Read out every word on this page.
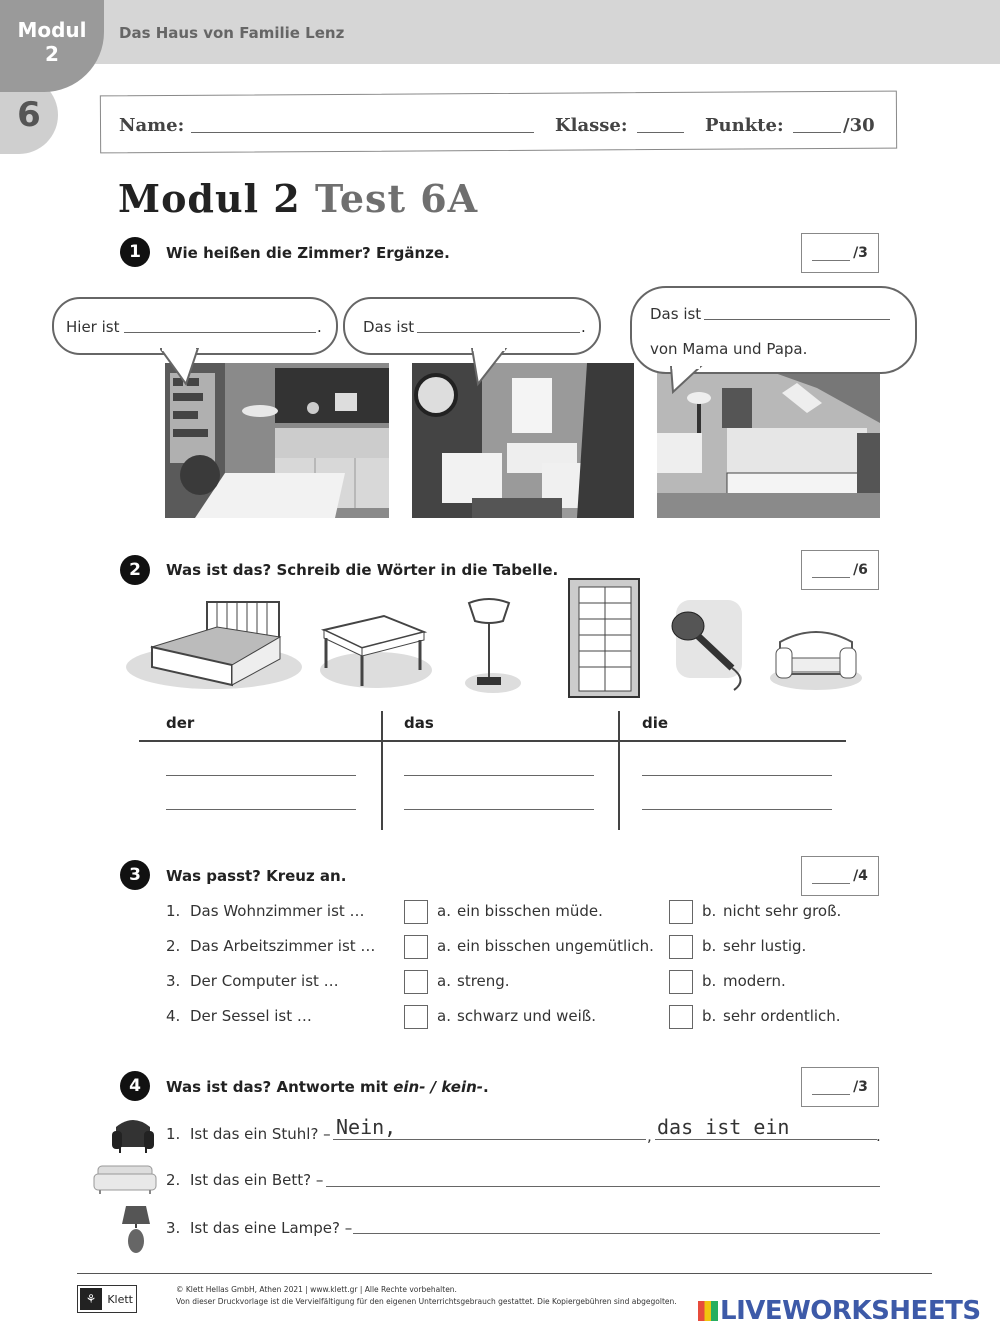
6
Modul
2
Das Haus von Familie Lenz
Name:	Klasse:	Punkte:	/30
Modul 2 Test 6A
1	Wie heißen die Zimmer? Ergänze.	/3
Hier ist	.	Das ist	.
Das ist
von Mama und Papa.
2	Was ist das? Schreib die Wörter in die Tabelle.	/6
der	das	die
3	Was passt? Kreuz an.	/4
1. Das Wohnzimmer ist …	a. ein bisschen müde.	b. nicht sehr groß.
2. Das Arbeitszimmer ist …	a. ein bisschen ungemütlich.	b. sehr lustig.
3. Der Computer ist …	a. streng.	b. modern.
4. Der Sessel ist …	a. schwarz und weiß.	b. sehr ordentlich.
4	Was ist das? Antworte mit ein- / kein-.	/3
1. Ist das ein Stuhl? – Nein,	, das ist ein	.
2. Ist das ein Bett? –
3. Ist das eine Lampe? –
⚘ Klett
© Klett Hellas GmbH, Athen 2021 | www.klett.gr | Alle Rechte vorbehalten.
Von dieser Druckvorlage ist die Vervielfältigung für den eigenen Unterrichtsgebrauch gestattet. Die Kopiergebühren sind abgegolten.	LIVEWORKSHEETS
